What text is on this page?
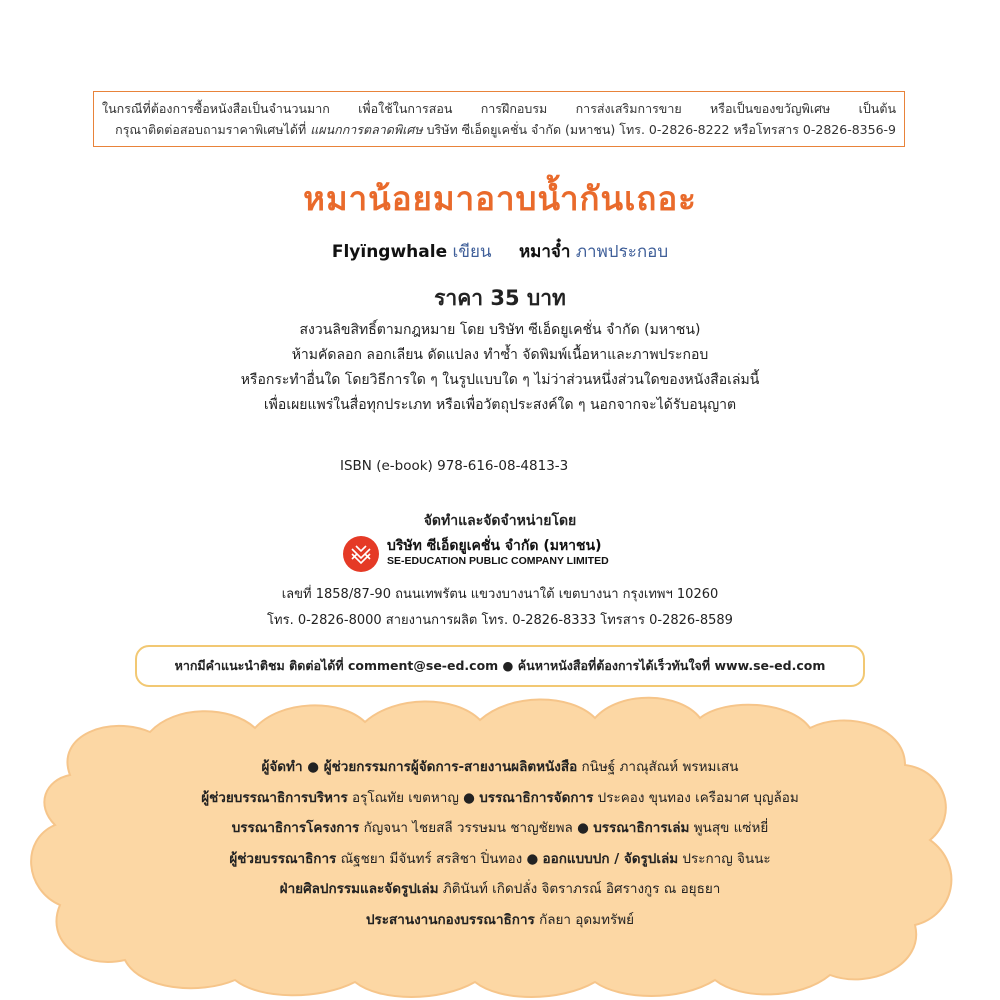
ในกรณีที่ต้องการซื้อหนังสือเป็นจำนวนมาก เพื่อใช้ในการสอน การฝึกอบรม การส่งเสริมการขาย หรือเป็นของขวัญพิเศษ เป็นต้น
กรุณาติดต่อสอบถามราคาพิเศษได้ที่ แผนกการตลาดพิเศษ บริษัท ซีเอ็ดยูเคชั่น จำกัด (มหาชน) โทร. 0-2826-8222 หรือโทรสาร 0-2826-8356-9
หมาน้อยมาอาบน้ำกันเถอะ
Flyïngwhale เขียน หมาจ๋ำ ภาพประกอบ
ราคา 35 บาท
สงวนลิขสิทธิ์ตามกฎหมาย โดย บริษัท ซีเอ็ดยูเคชั่น จำกัด (มหาชน)
ห้ามคัดลอก ลอกเลียน ดัดแปลง ทำซ้ำ จัดพิมพ์เนื้อหาและภาพประกอบ
หรือกระทำอื่นใด โดยวิธีการใด ๆ ในรูปแบบใด ๆ ไม่ว่าส่วนหนึ่งส่วนใดของหนังสือเล่มนี้
เพื่อเผยแพร่ในสื่อทุกประเภท หรือเพื่อวัตถุประสงค์ใด ๆ นอกจากจะได้รับอนุญาต
ISBN (e-book) 978-616-08-4813-3
จัดทำและจัดจำหน่ายโดย
บริษัท ซีเอ็ดยูเคชั่น จำกัด (มหาชน)
SE-EDUCATION PUBLIC COMPANY LIMITED
เลขที่ 1858/87-90 ถนนเทพรัตน แขวงบางนาใต้ เขตบางนา กรุงเทพฯ 10260
โทร. 0-2826-8000 สายงานการผลิต โทร. 0-2826-8333 โทรสาร 0-2826-8589
หากมีคำแนะนำติชม ติดต่อได้ที่ comment@se-ed.com ● ค้นหาหนังสือที่ต้องการได้เร็วทันใจที่ www.se-ed.com
ผู้จัดทำ ● ผู้ช่วยกรรมการผู้จัดการ-สายงานผลิตหนังสือ กนิษฐ์ ภาณุสัณห์ พรหมเสน
ผู้ช่วยบรรณาธิการบริหาร อรุโณทัย เขตหาญ ● บรรณาธิการจัดการ ประคอง ขุนทอง เครือมาศ บุญล้อม
บรรณาธิการโครงการ กัญจนา ไชยสลี วรรษมน ชาญชัยพล ● บรรณาธิการเล่ม พูนสุข แซ่หยี่
ผู้ช่วยบรรณาธิการ ณัฐชยา มีจันทร์ สรสิชา ปิ่นทอง ● ออกแบบปก / จัดรูปเล่ม ประกาญ จินนะ
ฝ่ายศิลปกรรมและจัดรูปเล่ม ภิตินันท์ เกิดปลั่ง จิตราภรณ์ อิศรางกูร ณ อยุธยา
ประสานงานกองบรรณาธิการ กัลยา อุดมทรัพย์
